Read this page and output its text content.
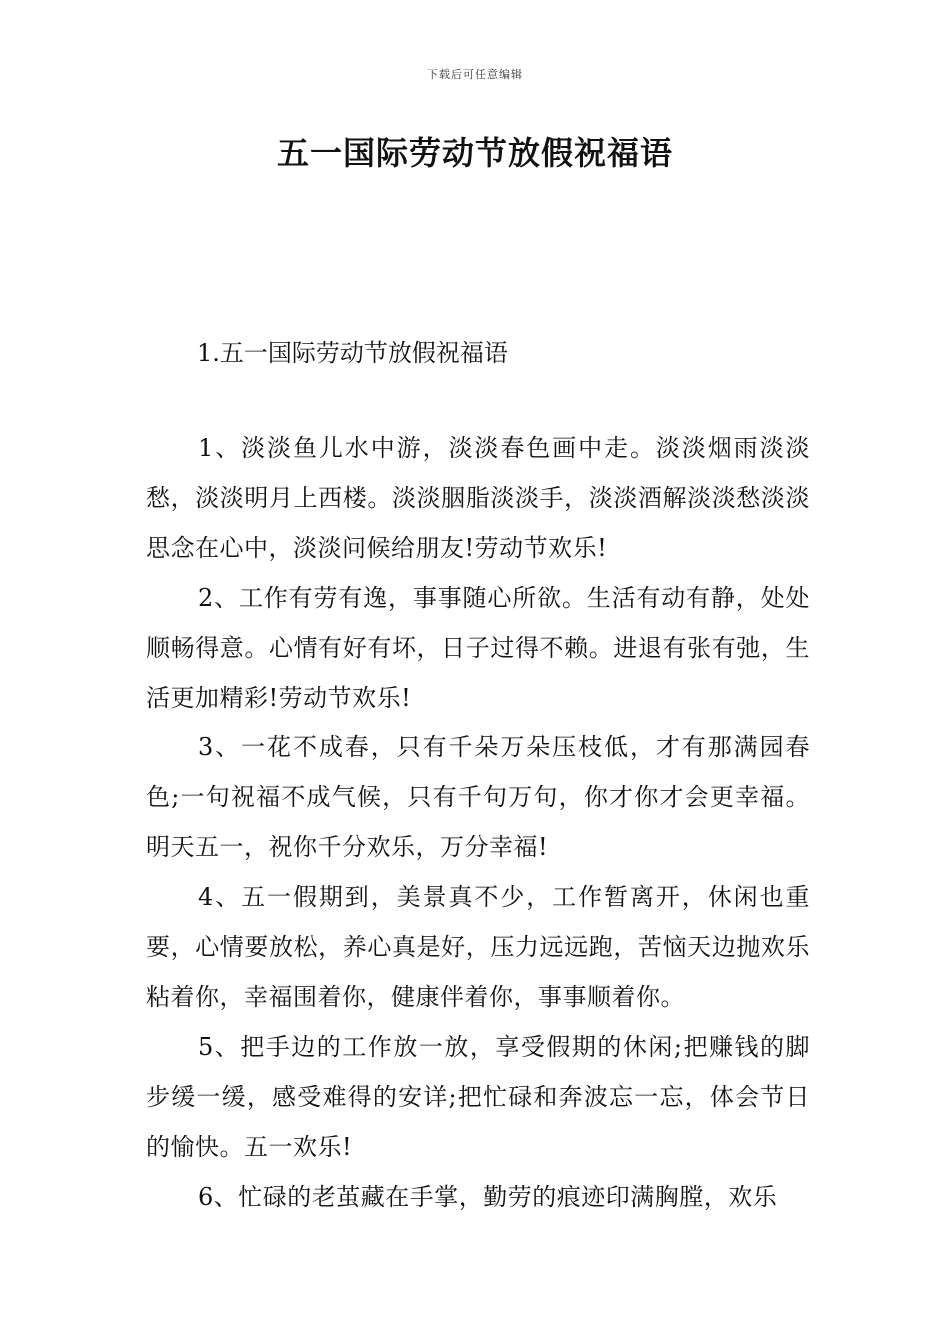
下载后可任意编辑
五一国际劳动节放假祝福语
1.五一国际劳动节放假祝福语

1、淡淡鱼儿水中游，淡淡春色画中走。淡淡烟雨淡淡愁，淡淡明月上西楼。淡淡胭脂淡淡手，淡淡酒解淡淡愁淡淡思念在心中，淡淡问候给朋友!劳动节欢乐!

2、工作有劳有逸，事事随心所欲。生活有动有静，处处顺畅得意。心情有好有坏，日子过得不赖。进退有张有弛，生活更加精彩!劳动节欢乐!

3、一花不成春，只有千朵万朵压枝低，才有那满园春色;一句祝福不成气候，只有千句万句，你才你才会更幸福。明天五一，祝你千分欢乐，万分幸福!

4、五一假期到，美景真不少，工作暂离开，休闲也重要，心情要放松，养心真是好，压力远远跑，苦恼天边抛欢乐粘着你，幸福围着你，健康伴着你，事事顺着你。

5、把手边的工作放一放，享受假期的休闲;把赚钱的脚步缓一缓，感受难得的安详;把忙碌和奔波忘一忘，体会节日的愉快。五一欢乐!

6、忙碌的老茧藏在手掌，勤劳的痕迹印满胸膛，欢乐
